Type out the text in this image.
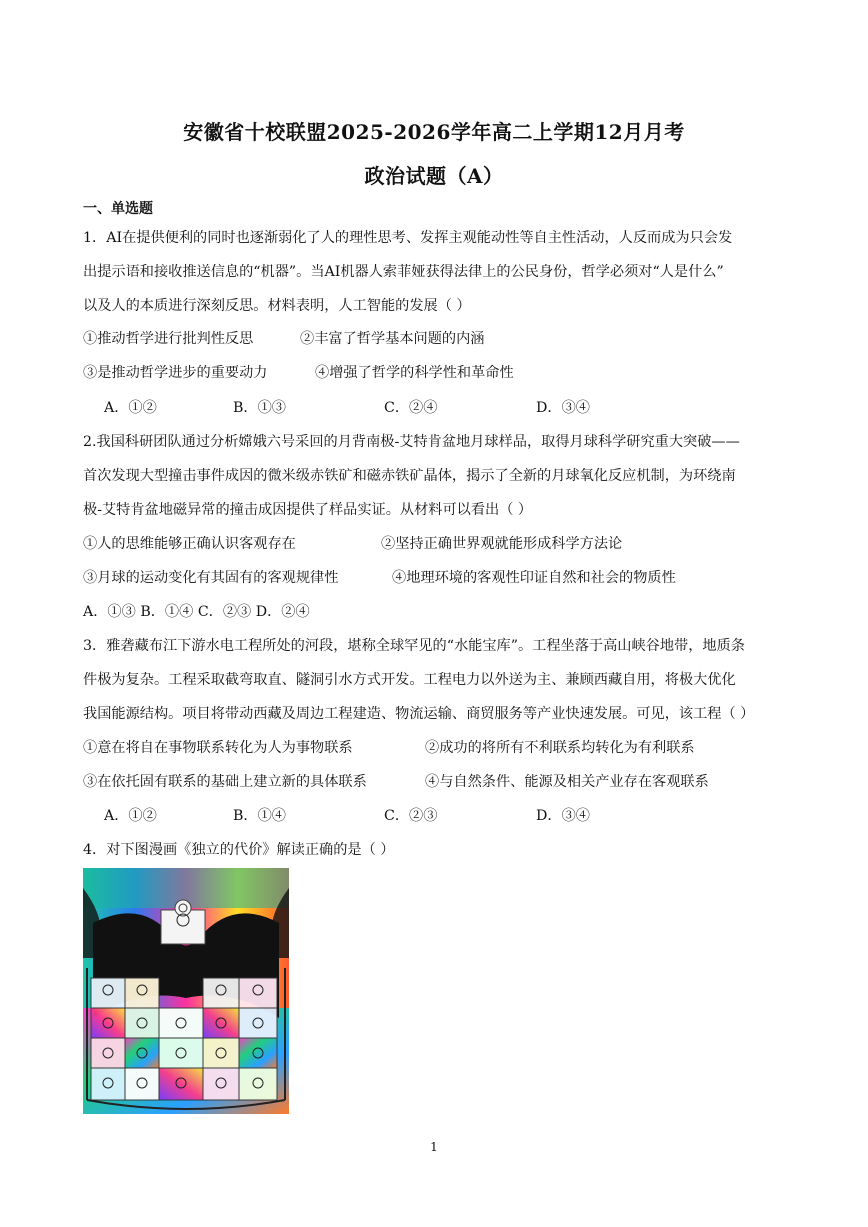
安徽省十校联盟2025-2026学年高二上学期12月月考
政治试题（A）
一、单选题
1．AI在提供便利的同时也逐渐弱化了人的理性思考、发挥主观能动性等自主性活动，人反而成为只会发
出提示语和接收推送信息的“机器”。当AI机器人索菲娅获得法律上的公民身份，哲学必须对“人是什么”
以及人的本质进行深刻反思。材料表明，人工智能的发展（ ）
①推动哲学进行批判性反思	②丰富了哲学基本问题的内涵
③是推动哲学进步的重要动力	④增强了哲学的科学性和革命性
A．①②	B．①③	C．②④	D．③④
2.我国科研团队通过分析嫦娥六号采回的月背南极-艾特肯盆地月球样品，取得月球科学研究重大突破——
首次发现大型撞击事件成因的微米级赤铁矿和磁赤铁矿晶体，揭示了全新的月球氧化反应机制，为环绕南
极-艾特肯盆地磁异常的撞击成因提供了样品实证。从材料可以看出（ ）
①人的思维能够正确认识客观存在	②坚持正确世界观就能形成科学方法论
③月球的运动变化有其固有的客观规律性	④地理环境的客观性印证自然和社会的物质性
A．①③ B．①④ C．②③ D．②④
3．雅砻藏布江下游水电工程所处的河段，堪称全球罕见的“水能宝库”。工程坐落于高山峡谷地带，地质条
件极为复杂。工程采取截弯取直、隧洞引水方式开发。工程电力以外送为主、兼顾西藏自用，将极大优化
我国能源结构。项目将带动西藏及周边工程建造、物流运输、商贸服务等产业快速发展。可见，该工程（ ）
①意在将自在事物联系转化为人为事物联系	②成功的将所有不利联系均转化为有利联系
③在依托固有联系的基础上建立新的具体联系	④与自然条件、能源及相关产业存在客观联系
A．①②	B．①④	C．②③	D．③④
4．对下图漫画《独立的代价》解读正确的是（ ）
1
